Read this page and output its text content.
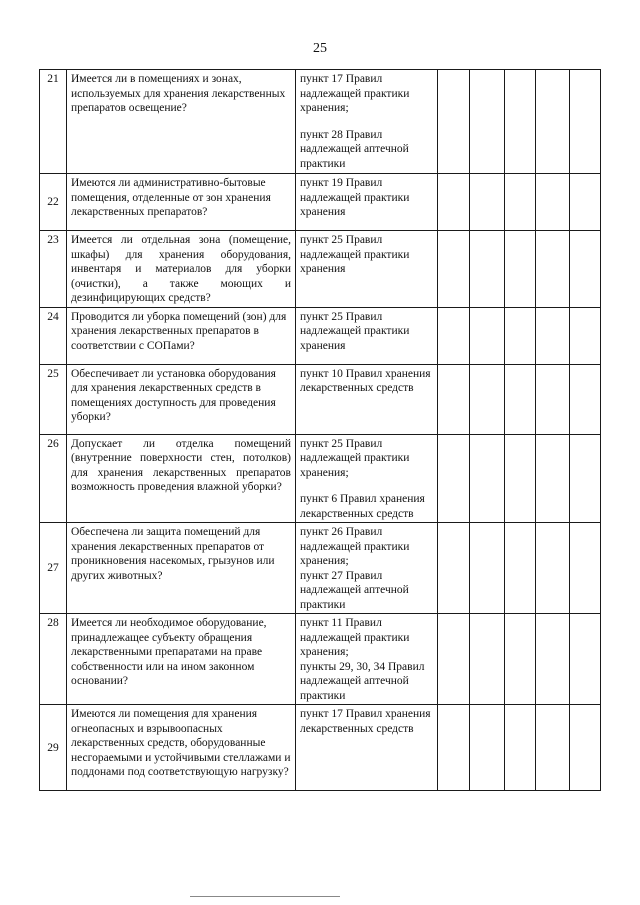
25
21	Имеется ли в помещениях и зонах, используемых для хранения лекарственных препаратов освещение?	пункт 17 Правил надлежащей практики хранения;
пункт 28 Правил надлежащей аптечной практики					

22	Имеются ли административно-бытовые помещения, отделенные от зон хранения лекарственных препаратов?	пункт 19 Правил надлежащей практики хранения					

23	Имеется ли отдельная зона (помещение, шкафы) для хранения оборудования, инвентаря и материалов для уборки (очистки), а также моющих и дезинфицирующих средств?	пункт 25 Правил надлежащей практики хранения					

24	Проводится ли уборка помещений (зон) для хранения лекарственных препаратов в соответствии с СОПами?	пункт 25 Правил надлежащей практики хранения					

25	Обеспечивает ли установка оборудования для хранения лекарственных средств в помещениях доступность для проведения уборки?	пункт 10 Правил хранения лекарственных средств					

26	Допускает ли отделка помещений (внутренние поверхности стен, потолков) для хранения лекарственных препаратов возможность проведения влажной уборки?	пункт 25 Правил надлежащей практики хранения;
пункт 6 Правил хранения лекарственных средств					

27	Обеспечена ли защита помещений для хранения лекарственных препаратов от проникновения насекомых, грызунов или других животных?	пункт 26 Правил надлежащей практики хранения;
пункт 27 Правил надлежащей аптечной практики					

28	Имеется ли необходимое оборудование, принадлежащее субъекту обращения лекарственными препаратами на праве собственности или на ином законном основании?	пункт 11 Правил надлежащей практики хранения;
пункты 29, 30, 34 Правил надлежащей аптечной практики					

29	Имеются ли помещения для хранения огнеопасных и взрывоопасных лекарственных средств, оборудованные несгораемыми и устойчивыми стеллажами и поддонами под соответствующую нагрузку?	пункт 17 Правил хранения лекарственных средств					
